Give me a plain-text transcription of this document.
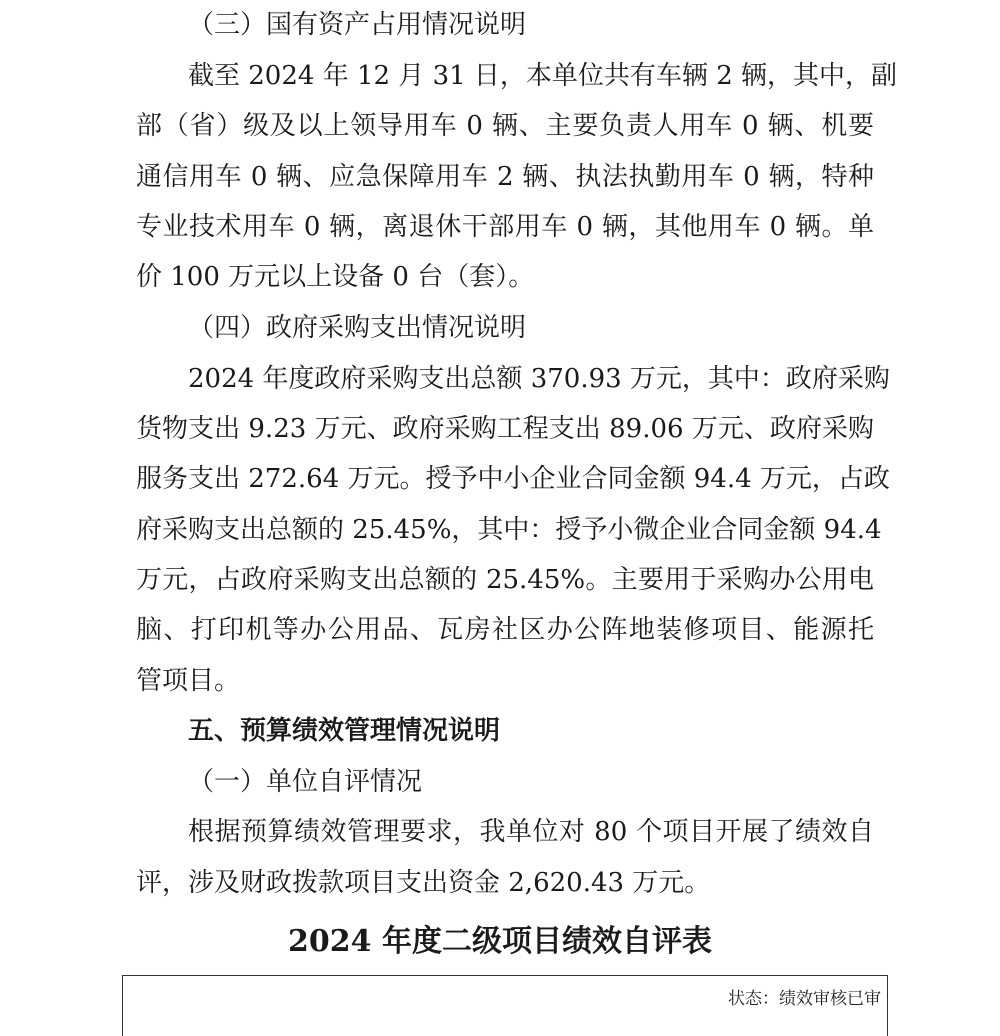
（三）国有资产占用情况说明
截至 2024 年 12 月 31 日，本单位共有车辆 2 辆，其中，副
部（省）级及以上领导用车 0 辆、主要负责人用车 0 辆、机要
通信用车 0 辆、应急保障用车 2 辆、执法执勤用车 0 辆，特种
专业技术用车 0 辆，离退休干部用车 0 辆，其他用车 0 辆。单
价 100 万元以上设备 0 台（套）。
（四）政府采购支出情况说明
2024 年度政府采购支出总额 370.93 万元，其中：政府采购
货物支出 9.23 万元、政府采购工程支出 89.06 万元、政府采购
服务支出 272.64 万元。授予中小企业合同金额 94.4 万元，占政
府采购支出总额的 25.45%，其中：授予小微企业合同金额 94.4
万元，占政府采购支出总额的 25.45%。主要用于采购办公用电
脑、打印机等办公用品、瓦房社区办公阵地装修项目、能源托
管项目。
五、预算绩效管理情况说明
（一）单位自评情况
根据预算绩效管理要求，我单位对 80 个项目开展了绩效自
评，涉及财政拨款项目支出资金 2,620.43 万元。
2024 年度二级项目绩效自评表
状态：绩效审核已审
